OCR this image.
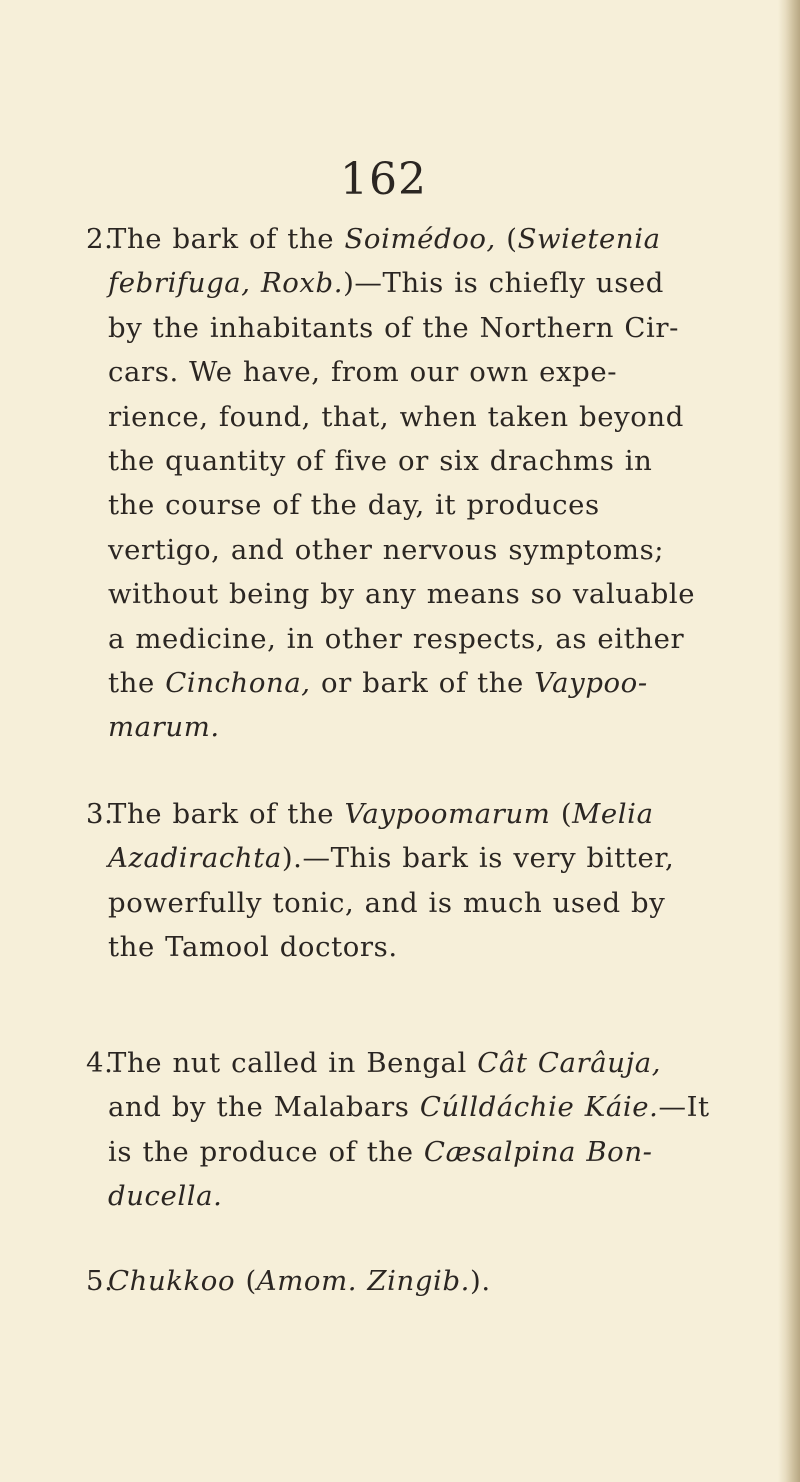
162
2.
The bark of the Soimédoo, (Swietenia
febrifuga, Roxb.)—This is chiefly used
by the inhabitants of the Northern Cir-
cars. We have, from our own expe-
rience, found, that, when taken beyond
the quantity of five or six drachms in
the course of the day, it produces
vertigo, and other nervous symptoms;
without being by any means so valuable
a medicine, in other respects, as either
the Cinchona, or bark of the Vaypoo-
marum.
3.
The bark of the Vaypoomarum (Melia
Azadirachta).—This bark is very bitter,
powerfully tonic, and is much used by
the Tamool doctors.
4.
The nut called in Bengal Cât Carâuja,
and by the Malabars Cúlldáchie Káie.—It
is the produce of the Cæsalpina Bon-
ducella.
5.
Chukkoo (Amom. Zingib.).
